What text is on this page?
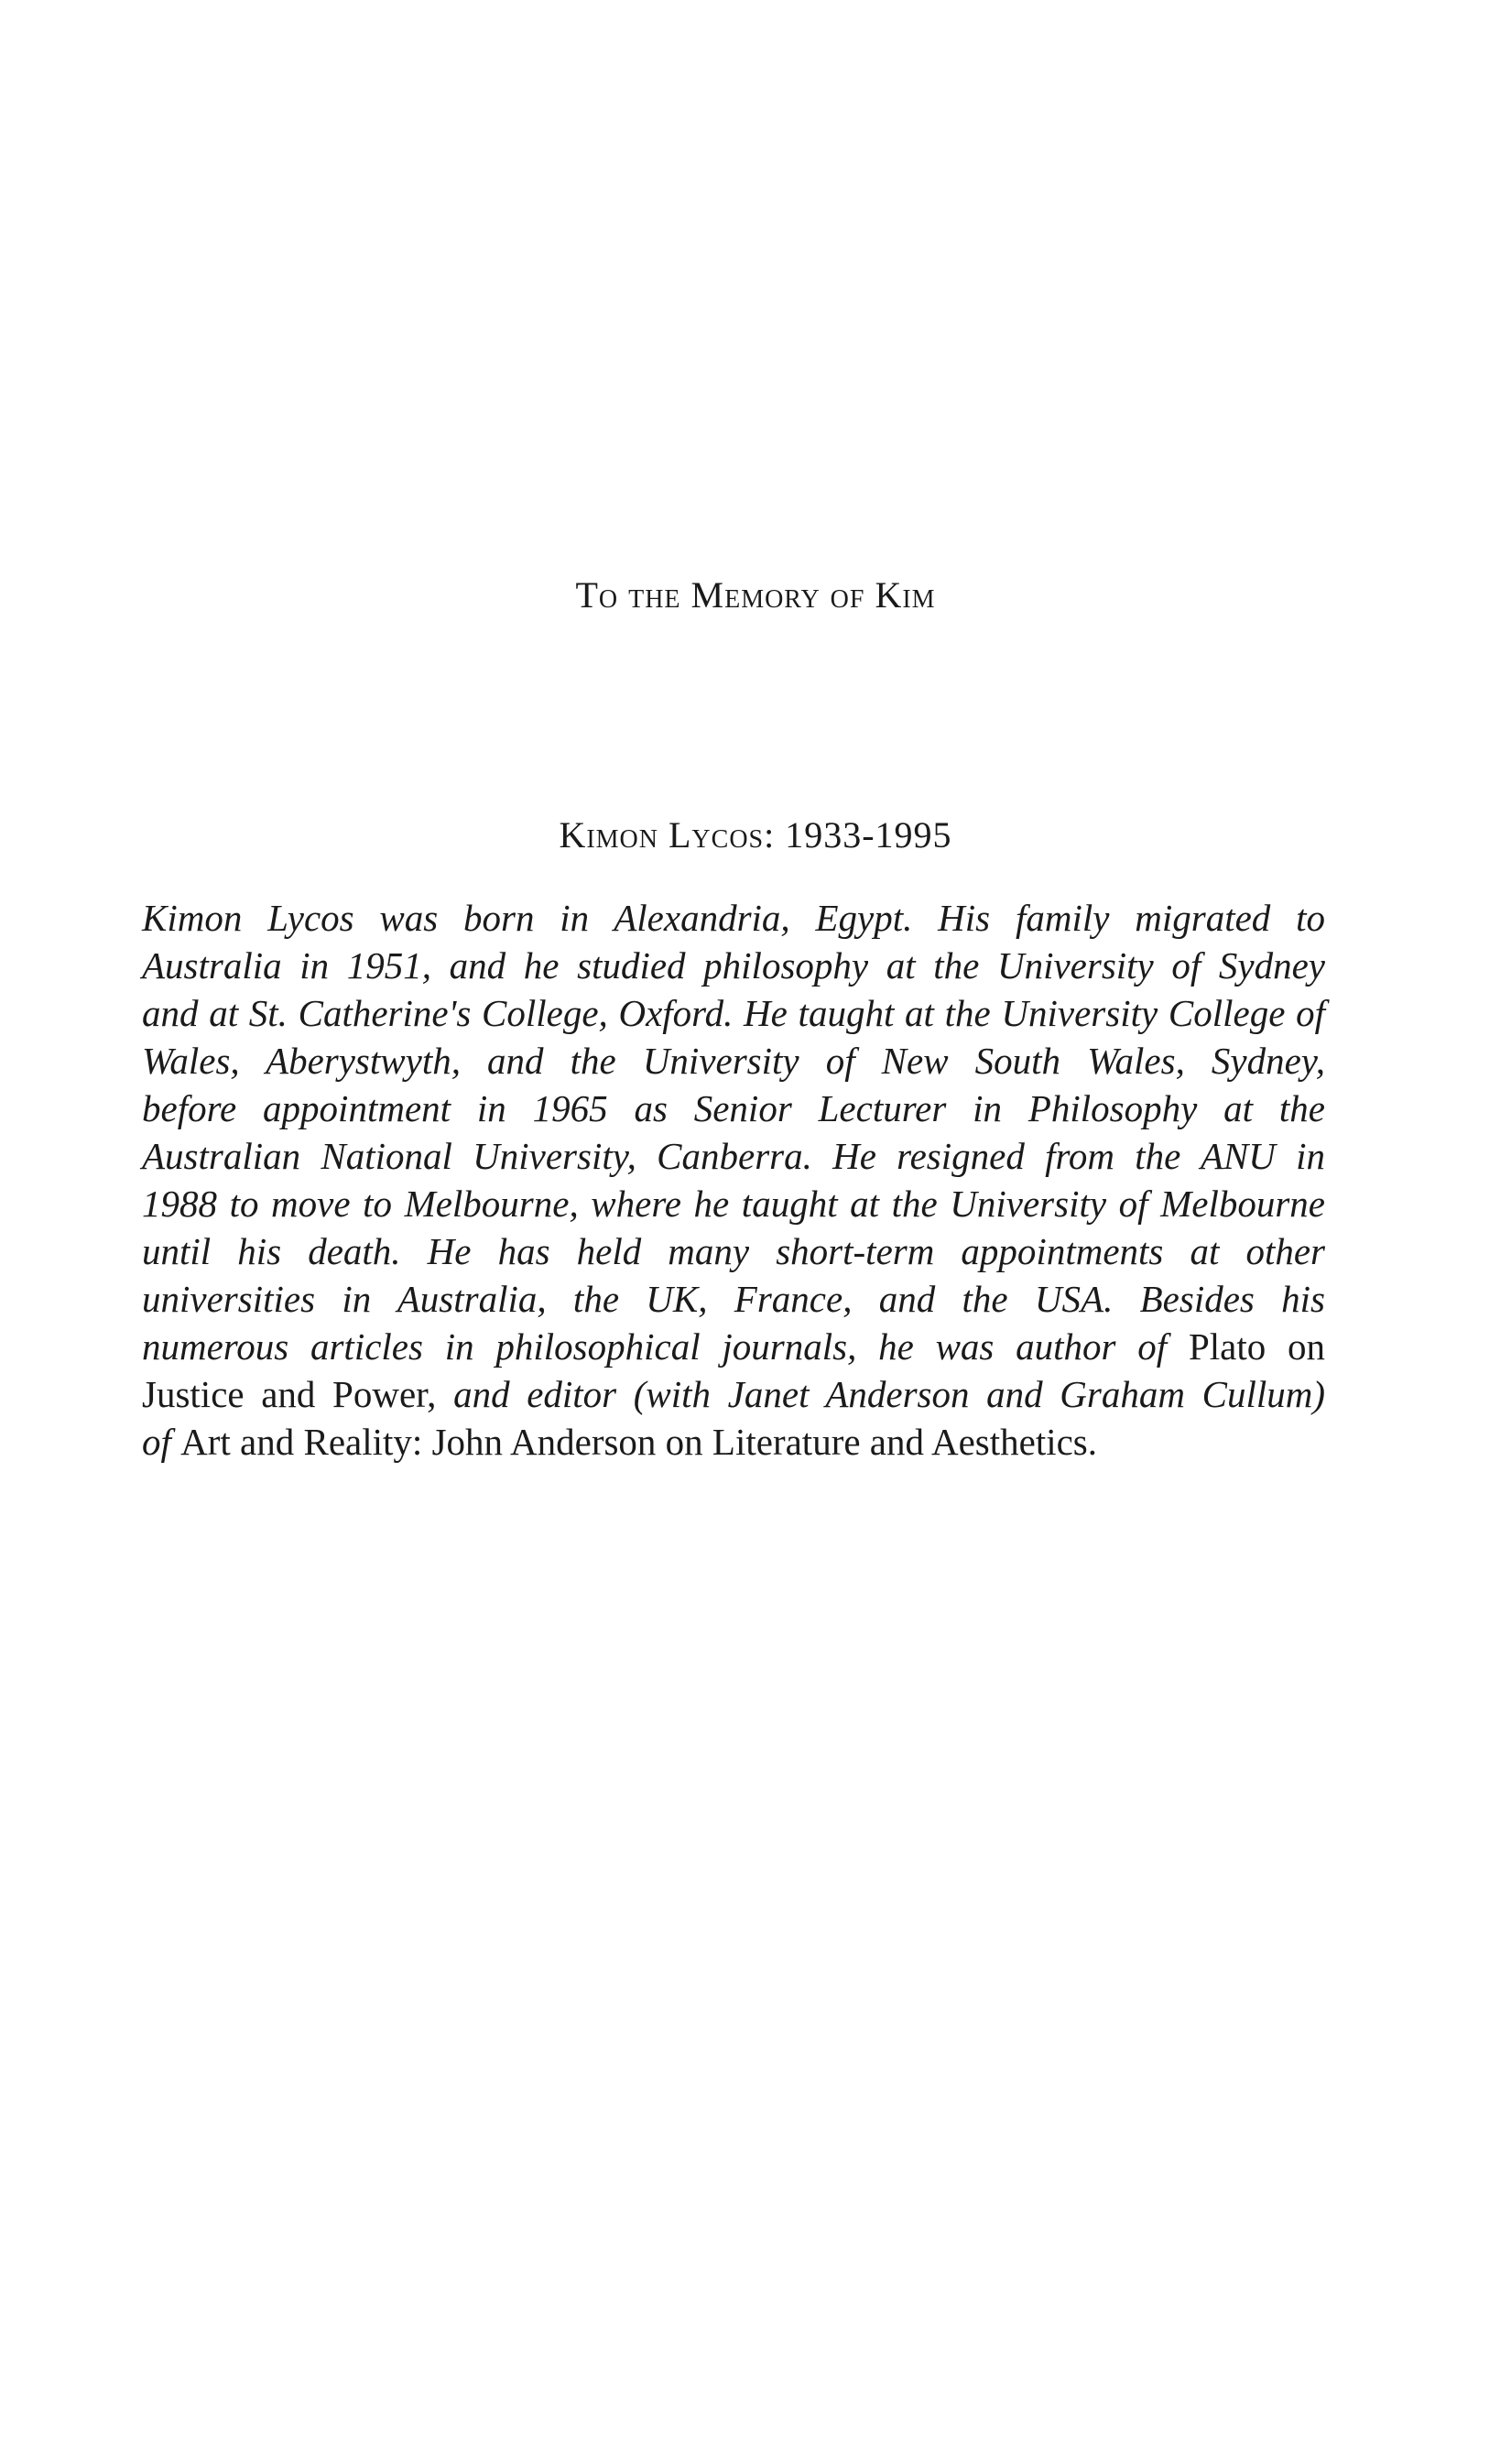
To the Memory of Kim
Kimon Lycos: 1933-1995
Kimon Lycos was born in Alexandria, Egypt. His family migrated to
Australia in 1951, and he studied philosophy at the University of Sydney
and at St. Catherine's College, Oxford. He taught at the University College of
Wales, Aberystwyth, and the University of New South Wales, Sydney,
before appointment in 1965 as Senior Lecturer in Philosophy at the
Australian National University, Canberra. He resigned from the ANU in
1988 to move to Melbourne, where he taught at the University of Melbourne
until his death. He has held many short-term appointments at other
universities in Australia, the UK, France, and the USA. Besides his
numerous articles in philosophical journals, he was author of Plato on
Justice and Power, and editor (with Janet Anderson and Graham Cullum)
of Art and Reality: John Anderson on Literature and Aesthetics.
